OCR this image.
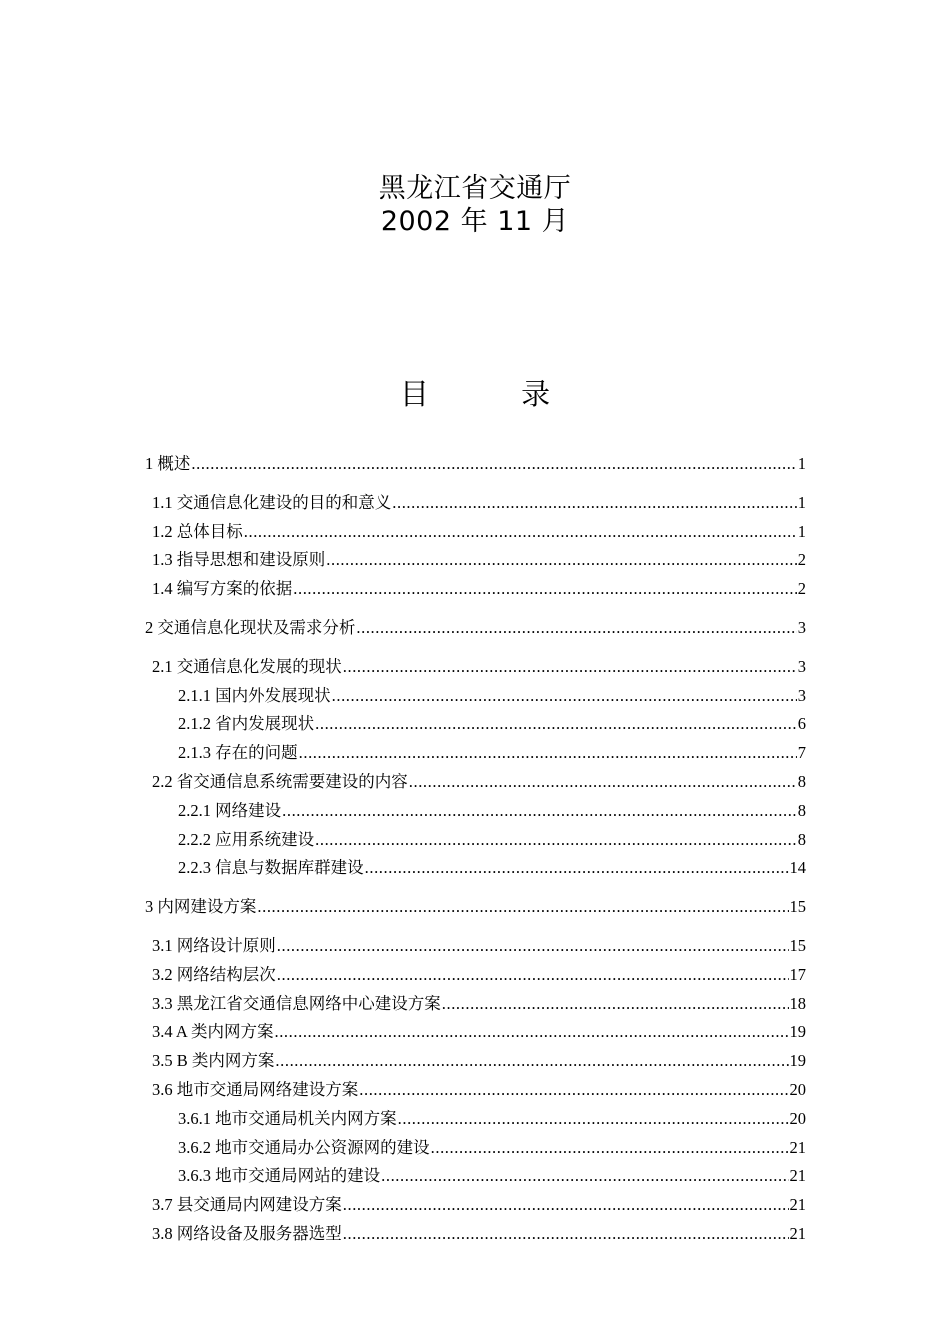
黑龙江省交通厅
2002 年 11 月
目          录
1 概述 .....	1
1.1 交通信息化建设的目的和意义 .....	1
1.2 总体目标 .....	1
1.3 指导思想和建设原则 .....	2
1.4 编写方案的依据 .....	2
2 交通信息化现状及需求分析 .....	3
2.1 交通信息化发展的现状 .....	3
2.1.1 国内外发展现状 .....	3
2.1.2 省内发展现状 .....	6
2.1.3 存在的问题 .....	7
2.2 省交通信息系统需要建设的内容 .....	8
2.2.1 网络建设 .....	8
2.2.2 应用系统建设 .....	8
2.2.3 信息与数据库群建设 .....	14
3 内网建设方案 .....	15
3.1 网络设计原则 .....	15
3.2 网络结构层次 .....	17
3.3 黑龙江省交通信息网络中心建设方案 .....	18
3.4 A 类内网方案 .....	19
3.5 B 类内网方案 .....	19
3.6 地市交通局网络建设方案 .....	20
3.6.1 地市交通局机关内网方案 .....	20
3.6.2 地市交通局办公资源网的建设 .....	21
3.6.3 地市交通局网站的建设 .....	21
3.7 县交通局内网建设方案 .....	21
3.8 网络设备及服务器选型 .....	21
